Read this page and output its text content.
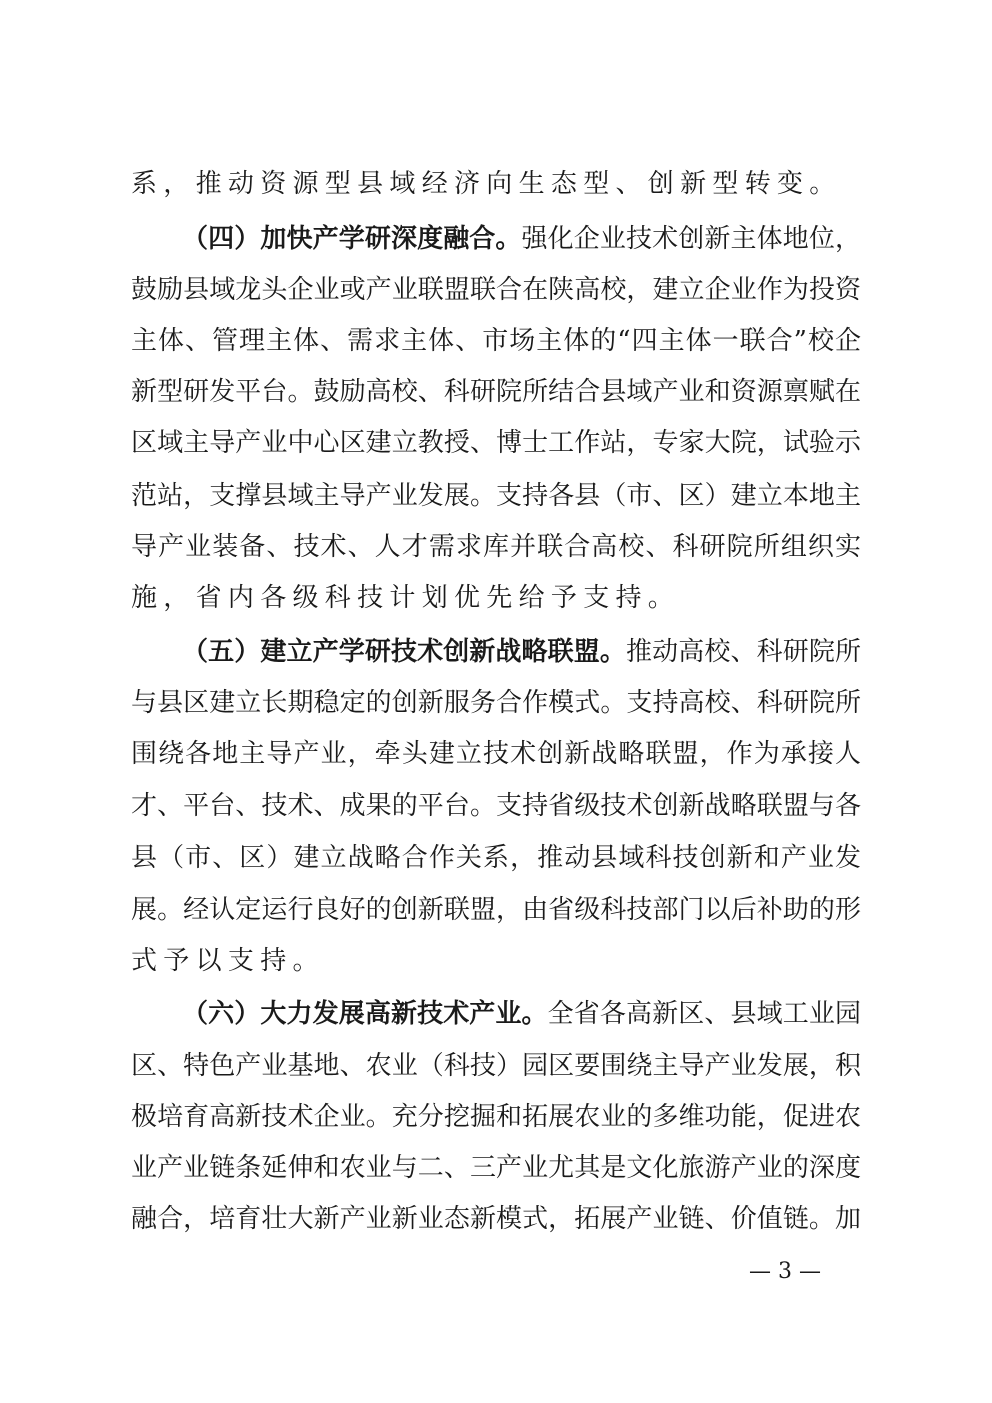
系，推动资源型县域经济向生态型、创新型转变。
（四）加快产学研深度融合。强化企业技术创新主体地位，
鼓励县域龙头企业或产业联盟联合在陕高校，建立企业作为投资
主体、管理主体、需求主体、市场主体的“四主体一联合”校企
新型研发平台。鼓励高校、科研院所结合县域产业和资源禀赋在
区域主导产业中心区建立教授、博士工作站，专家大院，试验示
范站，支撑县域主导产业发展。支持各县（市、区）建立本地主
导产业装备、技术、人才需求库并联合高校、科研院所组织实
施，省内各级科技计划优先给予支持。
（五）建立产学研技术创新战略联盟。推动高校、科研院所
与县区建立长期稳定的创新服务合作模式。支持高校、科研院所
围绕各地主导产业，牵头建立技术创新战略联盟，作为承接人
才、平台、技术、成果的平台。支持省级技术创新战略联盟与各
县（市、区）建立战略合作关系，推动县域科技创新和产业发
展。经认定运行良好的创新联盟，由省级科技部门以后补助的形
式予以支持。
（六）大力发展高新技术产业。全省各高新区、县域工业园
区、特色产业基地、农业（科技）园区要围绕主导产业发展，积
极培育高新技术企业。充分挖掘和拓展农业的多维功能，促进农
业产业链条延伸和农业与二、三产业尤其是文化旅游产业的深度
融合，培育壮大新产业新业态新模式，拓展产业链、价值链。加
— 3 —
